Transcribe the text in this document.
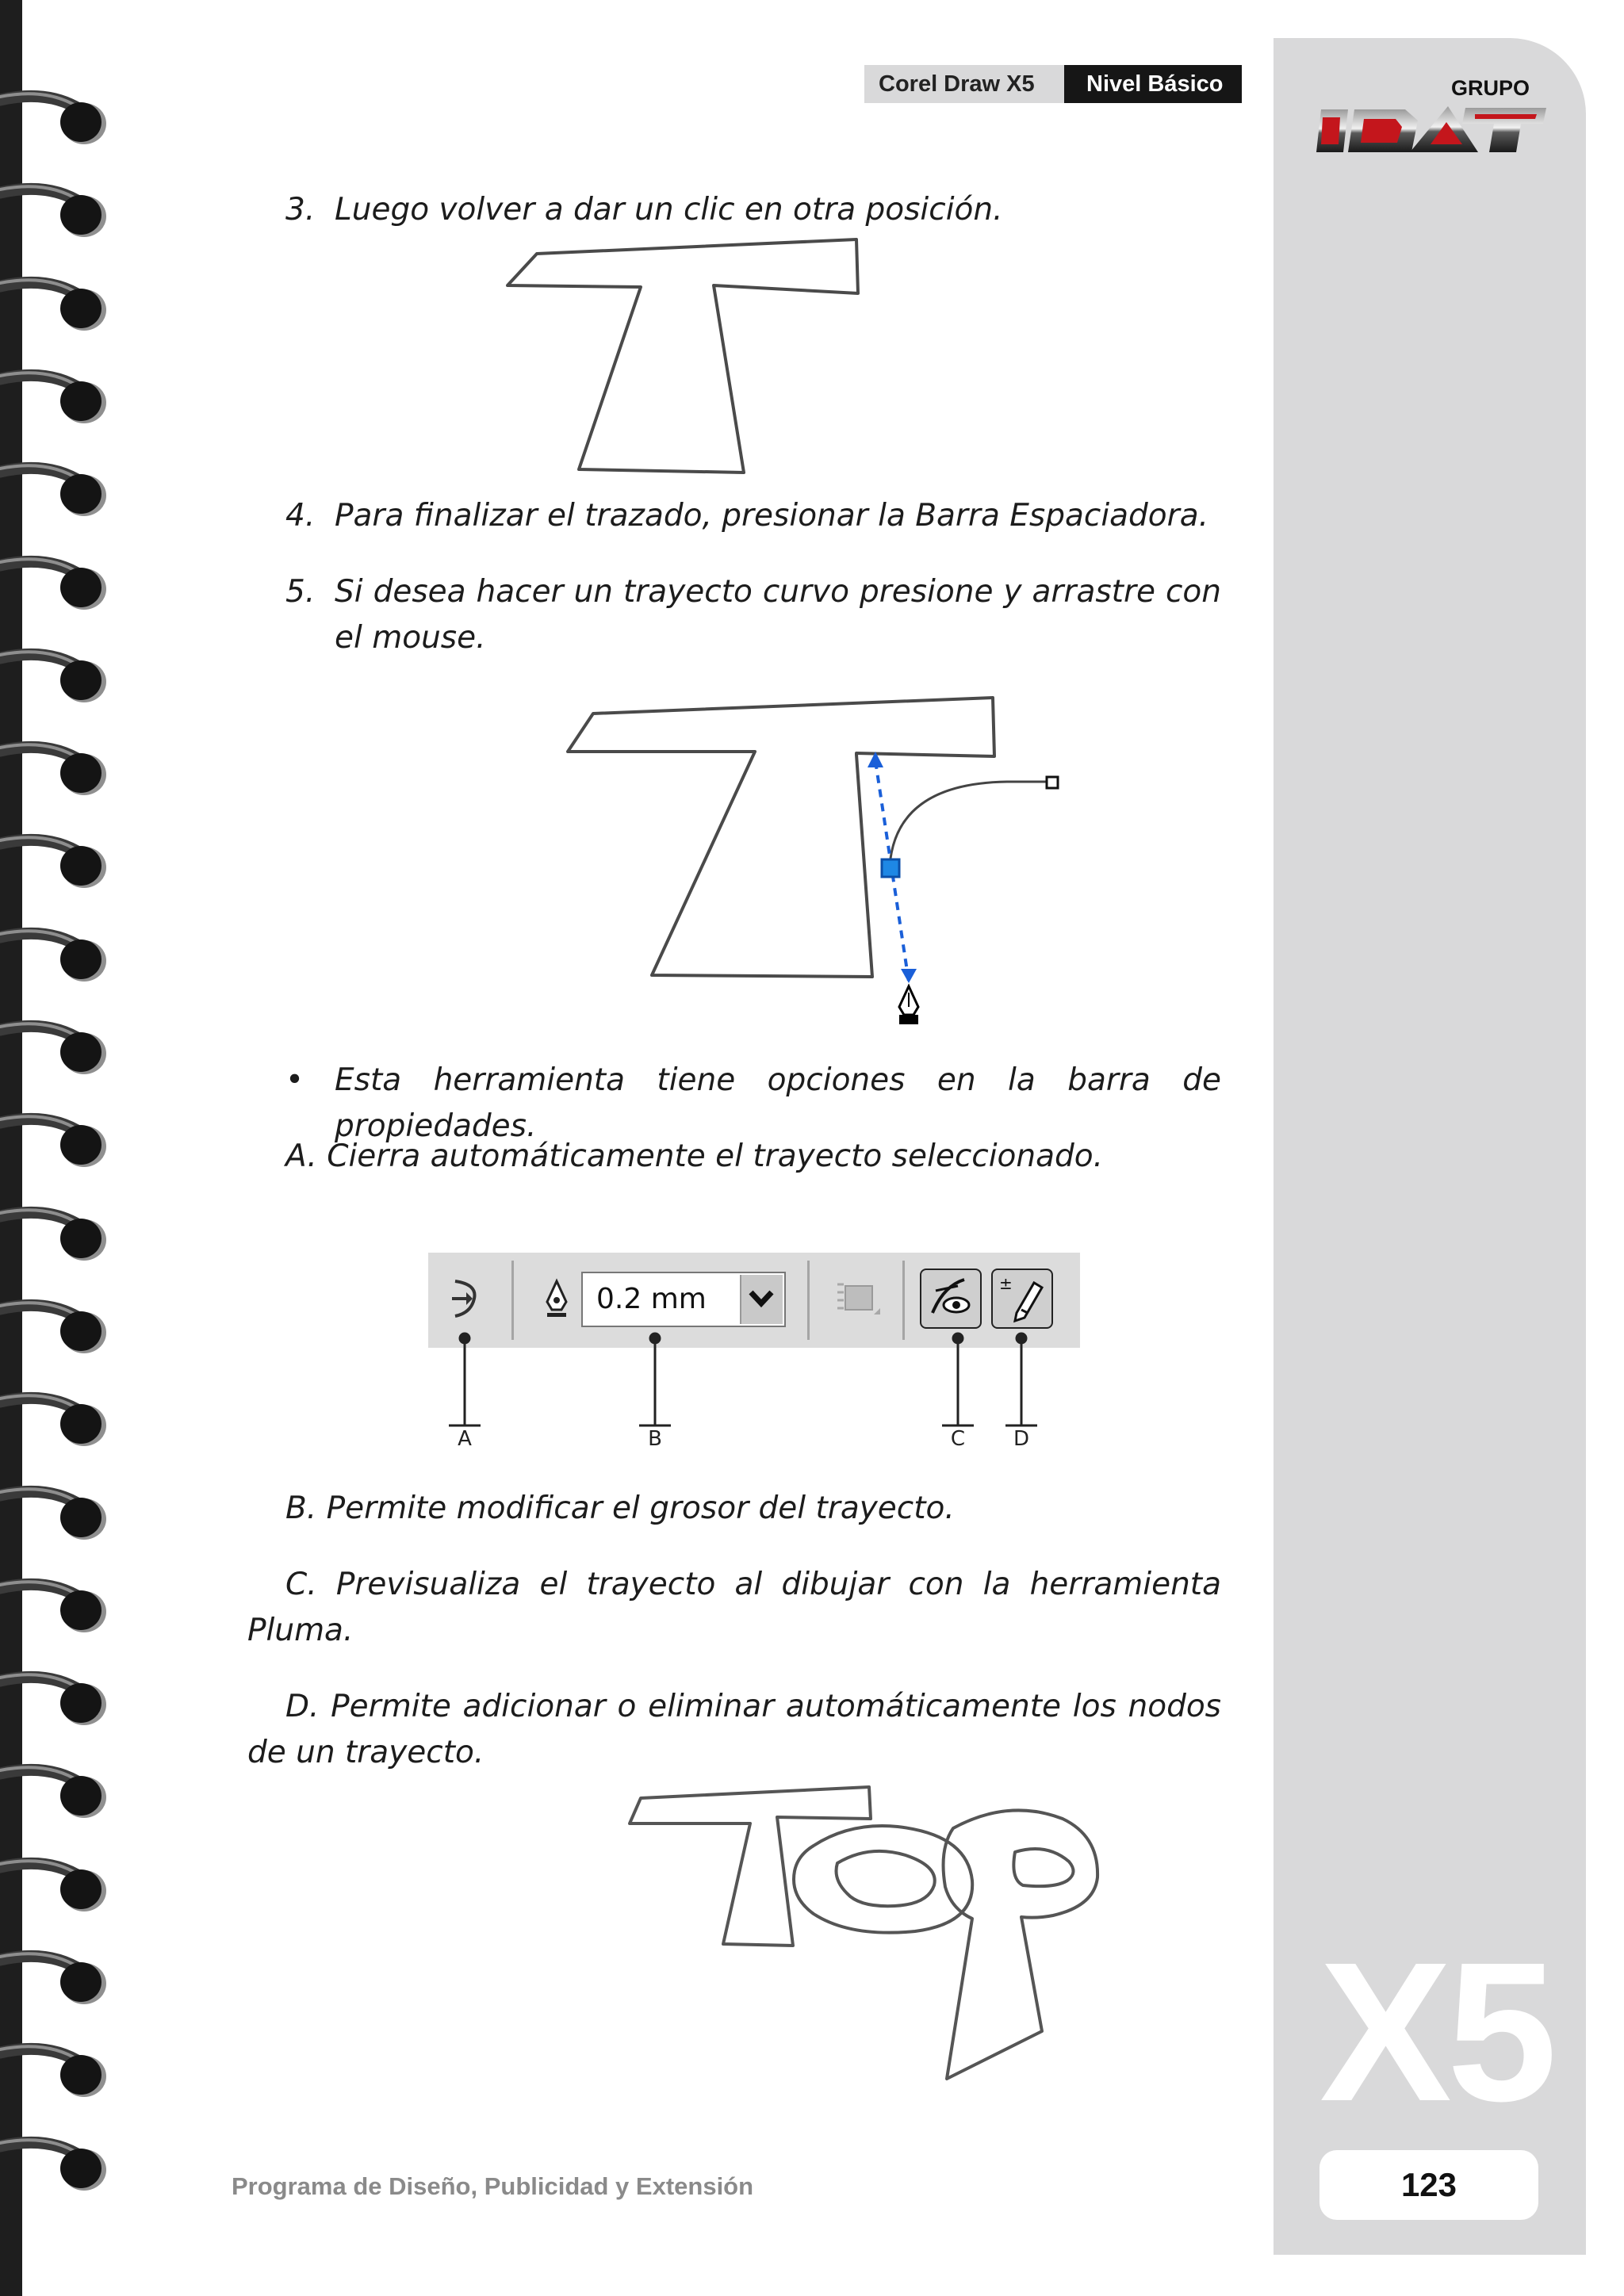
Corel Draw X5	Nivel Básico	GRUPO
3. Luego volver a dar un clic en otra posición.
4. Para finalizar el trazado, presionar la Barra Espaciadora.
5. Si desea hacer un trayecto curvo presione y arrastre con el mouse.
• Esta herramienta tiene opciones en la barra de propiedades.
A. Cierra automáticamente el trayecto seleccionado.
0.2 mm	±
A	B	C	D
B. Permite modificar el grosor del trayecto.
C. Previsualiza el trayecto al dibujar con la herramienta Pluma.
D. Permite adicionar o eliminar automáticamente los nodos de un trayecto.
Programa de Diseño, Publicidad y Extensión
X5
123
